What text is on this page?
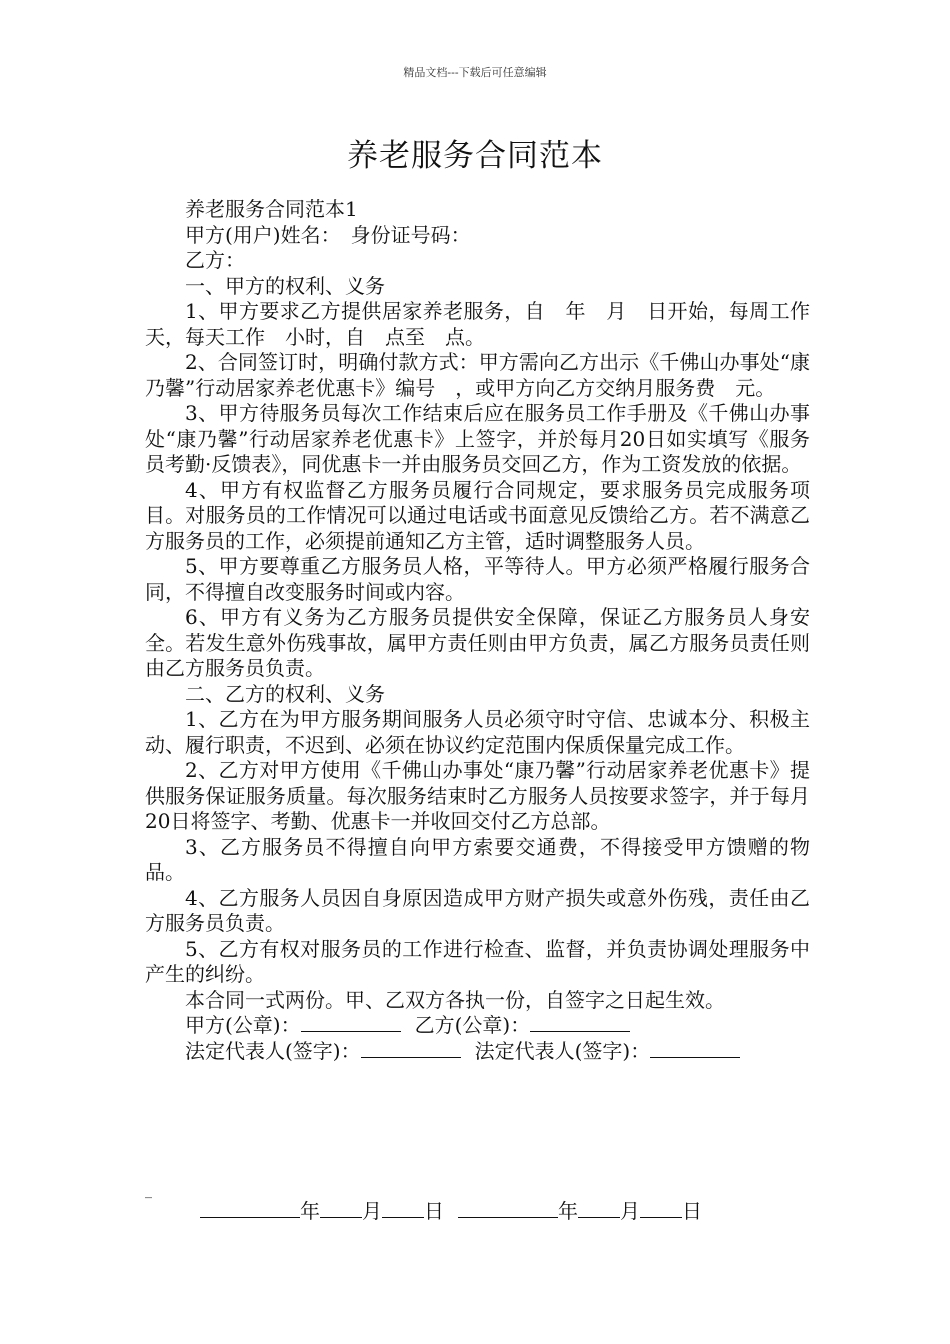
精品文档---下载后可任意编辑
养老服务合同范本

养老服务合同范本1

甲方(用户)姓名：　身份证号码：

乙方：

一、甲方的权利、义务

1、甲方要求乙方提供居家养老服务，自　年　月　日开始，每周工作　天，每天工作　小时，自　点至　点。

2、合同签订时，明确付款方式：甲方需向乙方出示《千佛山办事处“康乃馨”行动居家养老优惠卡》编号　，或甲方向乙方交纳月服务费　元。

3、甲方待服务员每次工作结束后应在服务员工作手册及《千佛山办事处“康乃馨”行动居家养老优惠卡》上签字，并於每月20日如实填写《服务员考勤·反馈表》，同优惠卡一并由服务员交回乙方，作为工资发放的依据。

4、甲方有权监督乙方服务员履行合同规定，要求服务员完成服务项目。对服务员的工作情况可以通过电话或书面意见反馈给乙方。若不满意乙方服务员的工作，必须提前通知乙方主管，适时调整服务人员。

5、甲方要尊重乙方服务员人格，平等待人。甲方必须严格履行服务合同，不得擅自改变服务时间或内容。

6、甲方有义务为乙方服务员提供安全保障，保证乙方服务员人身安全。若发生意外伤残事故，属甲方责任则由甲方负责，属乙方服务员责任则由乙方服务员负责。

二、乙方的权利、义务

1、乙方在为甲方服务期间服务人员必须守时守信、忠诚本分、积极主动、履行职责，不迟到、必须在协议约定范围内保质保量完成工作。

2、乙方对甲方使用《千佛山办事处“康乃馨”行动居家养老优惠卡》提供服务保证服务质量。每次服务结束时乙方服务人员按要求签字，并于每月20日将签字、考勤、优惠卡一并收回交付乙方总部。

3、乙方服务员不得擅自向甲方索要交通费，不得接受甲方馈赠的物品。

4、乙方服务人员因自身原因造成甲方财产损失或意外伤残，责任由乙方服务员负责。

5、乙方有权对服务员的工作进行检查、监督，并负责协调处理服务中产生的纠纷。

本合同一式两份。甲、乙双方各执一份，自签字之日起生效。

甲方(公章)：	乙方(公章)：

法定代表人(签字)：	法定代表人(签字)：

_
年 月 日	年 月 日
